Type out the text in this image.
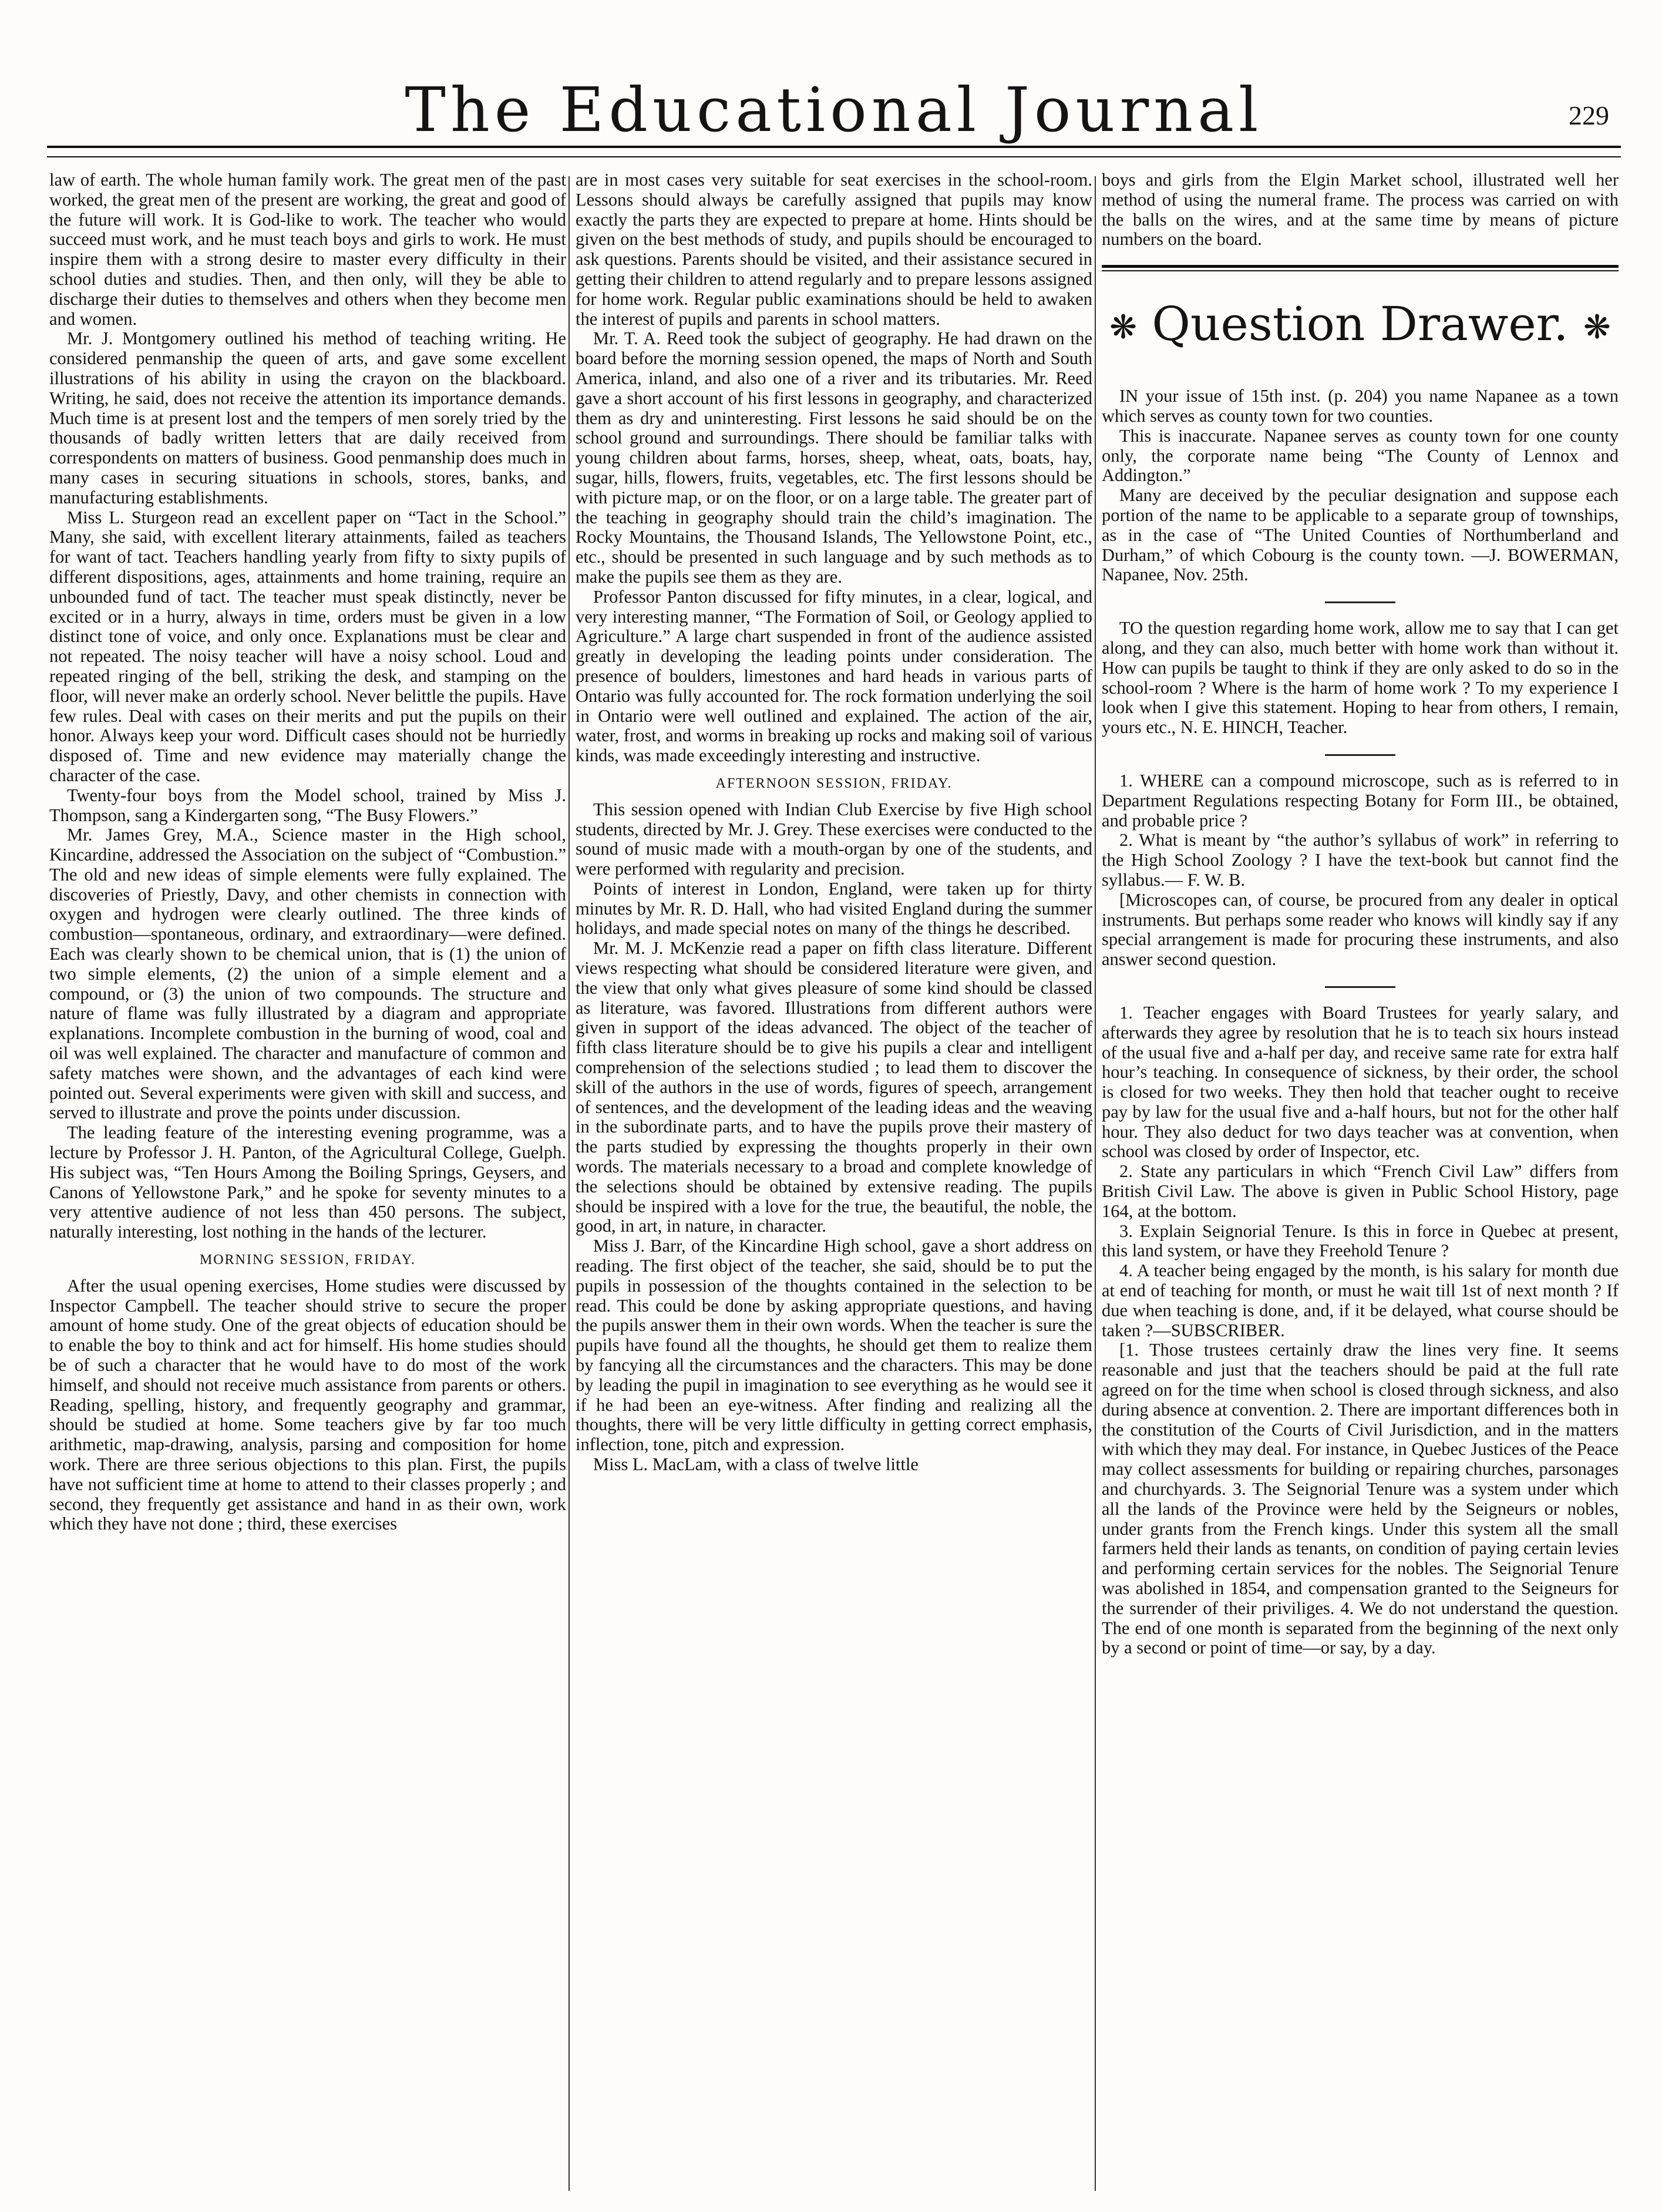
The Educational Journal	229

law of earth. The whole human family work. The great men of the past worked, the great men of the present are working, the great and good of the future will work. It is God-like to work. The teacher who would succeed must work, and he must teach boys and girls to work. He must inspire them with a strong desire to master every difficulty in their school duties and studies. Then, and then only, will they be able to discharge their duties to themselves and others when they become men and women.

Mr. J. Montgomery outlined his method of teaching writing. He considered penmanship the queen of arts, and gave some excellent illustrations of his ability in using the crayon on the blackboard. Writing, he said, does not receive the attention its importance demands. Much time is at present lost and the tempers of men sorely tried by the thousands of badly written letters that are daily received from correspondents on matters of business. Good penmanship does much in many cases in securing situations in schools, stores, banks, and manufacturing establishments.

Miss L. Sturgeon read an excellent paper on “Tact in the School.” Many, she said, with excellent literary attainments, failed as teachers for want of tact. Teachers handling yearly from fifty to sixty pupils of different dispositions, ages, attainments and home training, require an unbounded fund of tact. The teacher must speak distinctly, never be excited or in a hurry, always in time, orders must be given in a low distinct tone of voice, and only once. Explanations must be clear and not repeated. The noisy teacher will have a noisy school. Loud and repeated ringing of the bell, striking the desk, and stamping on the floor, will never make an orderly school. Never belittle the pupils. Have few rules. Deal with cases on their merits and put the pupils on their honor. Always keep your word. Difficult cases should not be hurriedly disposed of. Time and new evidence may materially change the character of the case.

Twenty-four boys from the Model school, trained by Miss J. Thompson, sang a Kindergarten song, “The Busy Flowers.”

Mr. James Grey, M.A., Science master in the High school, Kincardine, addressed the Association on the subject of “Combustion.” The old and new ideas of simple elements were fully explained. The discoveries of Priestly, Davy, and other chemists in connection with oxygen and hydrogen were clearly outlined. The three kinds of combustion—spontaneous, ordinary, and extraordinary—were defined. Each was clearly shown to be chemical union, that is (1) the union of two simple elements, (2) the union of a simple element and a compound, or (3) the union of two compounds. The structure and nature of flame was fully illustrated by a diagram and appropriate explanations. Incomplete combustion in the burning of wood, coal and oil was well explained. The character and manufacture of common and safety matches were shown, and the advantages of each kind were pointed out. Several experiments were given with skill and success, and served to illustrate and prove the points under discussion.

The leading feature of the interesting evening programme, was a lecture by Professor J. H. Panton, of the Agricultural College, Guelph. His subject was, “Ten Hours Among the Boiling Springs, Geysers, and Canons of Yellowstone Park,” and he spoke for seventy minutes to a very attentive audience of not less than 450 persons. The subject, naturally interesting, lost nothing in the hands of the lecturer.

MORNING SESSION, FRIDAY.

After the usual opening exercises, Home studies were discussed by Inspector Campbell. The teacher should strive to secure the proper amount of home study. One of the great objects of education should be to enable the boy to think and act for himself. His home studies should be of such a character that he would have to do most of the work himself, and should not receive much assistance from parents or others. Reading, spelling, history, and frequently geography and grammar, should be studied at home. Some teachers give by far too much arithmetic, map-drawing, analysis, parsing and composition for home work. There are three serious objections to this plan. First, the pupils have not sufficient time at home to attend to their classes properly ; and second, they frequently get assistance and hand in as their own, work which they have not done ; third, these exercises

are in most cases very suitable for seat exercises in the school-room. Lessons should always be carefully assigned that pupils may know exactly the parts they are expected to prepare at home. Hints should be given on the best methods of study, and pupils should be encouraged to ask questions. Parents should be visited, and their assistance secured in getting their children to attend regularly and to prepare lessons assigned for home work. Regular public examinations should be held to awaken the interest of pupils and parents in school matters.

Mr. T. A. Reed took the subject of geography. He had drawn on the board before the morning session opened, the maps of North and South America, inland, and also one of a river and its tributaries. Mr. Reed gave a short account of his first lessons in geography, and characterized them as dry and uninteresting. First lessons he said should be on the school ground and surroundings. There should be familiar talks with young children about farms, horses, sheep, wheat, oats, boats, hay, sugar, hills, flowers, fruits, vegetables, etc. The first lessons should be with picture map, or on the floor, or on a large table. The greater part of the teaching in geography should train the child’s imagination. The Rocky Mountains, the Thousand Islands, The Yellowstone Point, etc., etc., should be presented in such language and by such methods as to make the pupils see them as they are.

Professor Panton discussed for fifty minutes, in a clear, logical, and very interesting manner, “The Formation of Soil, or Geology applied to Agriculture.” A large chart suspended in front of the audience assisted greatly in developing the leading points under consideration. The presence of boulders, limestones and hard heads in various parts of Ontario was fully accounted for. The rock formation underlying the soil in Ontario were well outlined and explained. The action of the air, water, frost, and worms in breaking up rocks and making soil of various kinds, was made exceedingly interesting and instructive.

AFTERNOON SESSION, FRIDAY.

This session opened with Indian Club Exercise by five High school students, directed by Mr. J. Grey. These exercises were conducted to the sound of music made with a mouth-organ by one of the students, and were performed with regularity and precision.

Points of interest in London, England, were taken up for thirty minutes by Mr. R. D. Hall, who had visited England during the summer holidays, and made special notes on many of the things he described.

Mr. M. J. McKenzie read a paper on fifth class literature. Different views respecting what should be considered literature were given, and the view that only what gives pleasure of some kind should be classed as literature, was favored. Illustrations from different authors were given in support of the ideas advanced. The object of the teacher of fifth class literature should be to give his pupils a clear and intelligent comprehension of the selections studied ; to lead them to discover the skill of the authors in the use of words, figures of speech, arrangement of sentences, and the development of the leading ideas and the weaving in the subordinate parts, and to have the pupils prove their mastery of the parts studied by expressing the thoughts properly in their own words. The materials necessary to a broad and complete knowledge of the selections should be obtained by extensive reading. The pupils should be inspired with a love for the true, the beautiful, the noble, the good, in art, in nature, in character.

Miss J. Barr, of the Kincardine High school, gave a short address on reading. The first object of the teacher, she said, should be to put the pupils in possession of the thoughts contained in the selection to be read. This could be done by asking appropriate questions, and having the pupils answer them in their own words. When the teacher is sure the pupils have found all the thoughts, he should get them to realize them by fancying all the circumstances and the characters. This may be done by leading the pupil in imagination to see everything as he would see it if he had been an eye-witness. After finding and realizing all the thoughts, there will be very little difficulty in getting correct emphasis, inflection, tone, pitch and expression.

Miss L. MacLam, with a class of twelve little

boys and girls from the Elgin Market school, illustrated well her method of using the numeral frame. The process was carried on with the balls on the wires, and at the same time by means of picture numbers on the board.

❋ Question Drawer. ❋

IN your issue of 15th inst. (p. 204) you name Napanee as a town which serves as county town for two counties.

This is inaccurate. Napanee serves as county town for one county only, the corporate name being “The County of Lennox and Addington.”

Many are deceived by the peculiar designation and suppose each portion of the name to be applicable to a separate group of townships, as in the case of “The United Counties of Northumberland and Durham,” of which Cobourg is the county town. —J. BOWERMAN, Napanee, Nov. 25th.

TO the question regarding home work, allow me to say that I can get along, and they can also, much better with home work than without it. How can pupils be taught to think if they are only asked to do so in the school-room ? Where is the harm of home work ? To my experience I look when I give this statement. Hoping to hear from others, I remain, yours etc., N. E. HINCH, Teacher.

1. WHERE can a compound microscope, such as is referred to in Department Regulations respecting Botany for Form III., be obtained, and probable price ?

2. What is meant by “the author’s syllabus of work” in referring to the High School Zoology ? I have the text-book but cannot find the syllabus.— F. W. B.

[Microscopes can, of course, be procured from any dealer in optical instruments. But perhaps some reader who knows will kindly say if any special arrangement is made for procuring these instruments, and also answer second question.

1. Teacher engages with Board Trustees for yearly salary, and afterwards they agree by resolution that he is to teach six hours instead of the usual five and a-half per day, and receive same rate for extra half hour’s teaching. In consequence of sickness, by their order, the school is closed for two weeks. They then hold that teacher ought to receive pay by law for the usual five and a-half hours, but not for the other half hour. They also deduct for two days teacher was at convention, when school was closed by order of Inspector, etc.

2. State any particulars in which “French Civil Law” differs from British Civil Law. The above is given in Public School History, page 164, at the bottom.

3. Explain Seignorial Tenure. Is this in force in Quebec at present, this land system, or have they Freehold Tenure ?

4. A teacher being engaged by the month, is his salary for month due at end of teaching for month, or must he wait till 1st of next month ? If due when teaching is done, and, if it be delayed, what course should be taken ?—SUBSCRIBER.

[1. Those trustees certainly draw the lines very fine. It seems reasonable and just that the teachers should be paid at the full rate agreed on for the time when school is closed through sickness, and also during absence at convention. 2. There are important differences both in the constitution of the Courts of Civil Jurisdiction, and in the matters with which they may deal. For instance, in Quebec Justices of the Peace may collect assessments for building or repairing churches, parsonages and churchyards. 3. The Seignorial Tenure was a system under which all the lands of the Province were held by the Seigneurs or nobles, under grants from the French kings. Under this system all the small farmers held their lands as tenants, on condition of paying certain levies and performing certain services for the nobles. The Seignorial Tenure was abolished in 1854, and compensation granted to the Seigneurs for the surrender of their priviliges. 4. We do not understand the question. The end of one month is separated from the beginning of the next only by a second or point of time—or say, by a day.
